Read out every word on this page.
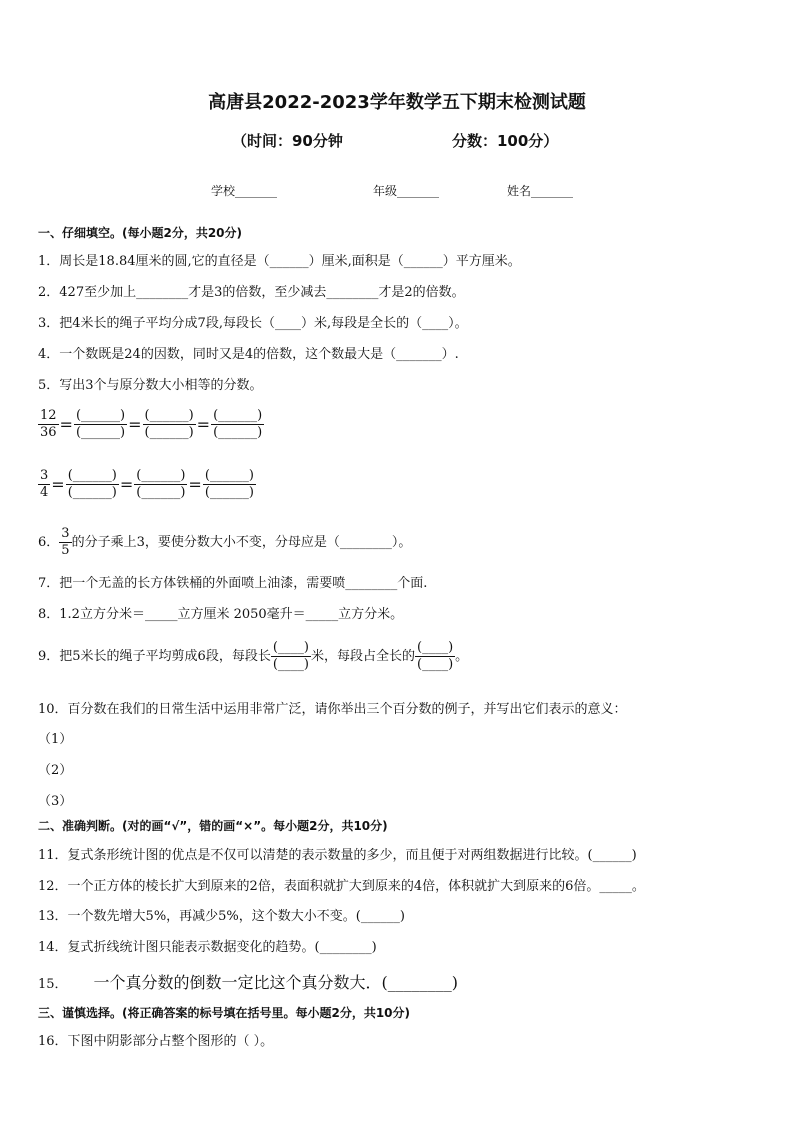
高唐县2022-2023学年数学五下期末检测试题
（时间：90分钟	分数：100分）
学校_______	年级_______	姓名_______
一、仔细填空。(每小题2分，共20分)
1．周长是18.84厘米的圆,它的直径是（______）厘米,面积是（______）平方厘米。
2．427至少加上________才是3的倍数，至少减去________才是2的倍数。
3．把4米长的绳子平均分成7段,每段长（____）米,每段是全长的（____）。
4．一个数既是24的因数，同时又是4的倍数，这个数最大是（_______）.
5．写出3个与原分数大小相等的分数。
$\frac{12}{36} = \frac{(\_\_\_\_\_\_)}{(\_\_\_\_\_\_)} = \frac{(\_\_\_\_\_\_)}{(\_\_\_\_\_\_)} = \frac{(\_\_\_\_\_\_)}{(\_\_\_\_\_\_)}$
$\frac{3}{4} = \frac{(\_\_\_\_\_\_)}{(\_\_\_\_\_\_)} = \frac{(\_\_\_\_\_\_)}{(\_\_\_\_\_\_)} = \frac{(\_\_\_\_\_\_)}{(\_\_\_\_\_\_)}$
6． $\frac{3}{5}$ 的分子乘上3，要使分数大小不变，分母应是（________）。
7．把一个无盖的长方体铁桶的外面喷上油漆，需要喷________个面.
8．1.2立方分米＝_____立方厘米 2050毫升＝_____立方分米。
9．把5米长的绳子平均剪成6段，每段长 $\frac{(\_\_\_\_)}{(\_\_\_\_)}$ 米，每段占全长的 $\frac{(\_\_\_\_)}{(\_\_\_\_)}$ 。
10．百分数在我们的日常生活中运用非常广泛，请你举出三个百分数的例子，并写出它们表示的意义：
（1）
（2）
（3）
二、准确判断。(对的画“√”，错的画“×”。每小题2分，共10分)
11．复式条形统计图的优点是不仅可以清楚的表示数量的多少，而且便于对两组数据进行比较。(______)
12．一个正方体的棱长扩大到原来的2倍，表面积就扩大到原来的4倍，体积就扩大到原来的6倍。_____。
13．一个数先增大5%，再减少5%，这个数大小不变。(______)
14．复式折线统计图只能表示数据变化的趋势。(________)
15． 一个真分数的倒数一定比这个真分数大．(________)
三、谨慎选择。(将正确答案的标号填在括号里。每小题2分，共10分)
16．下图中阴影部分占整个图形的（ ）。
